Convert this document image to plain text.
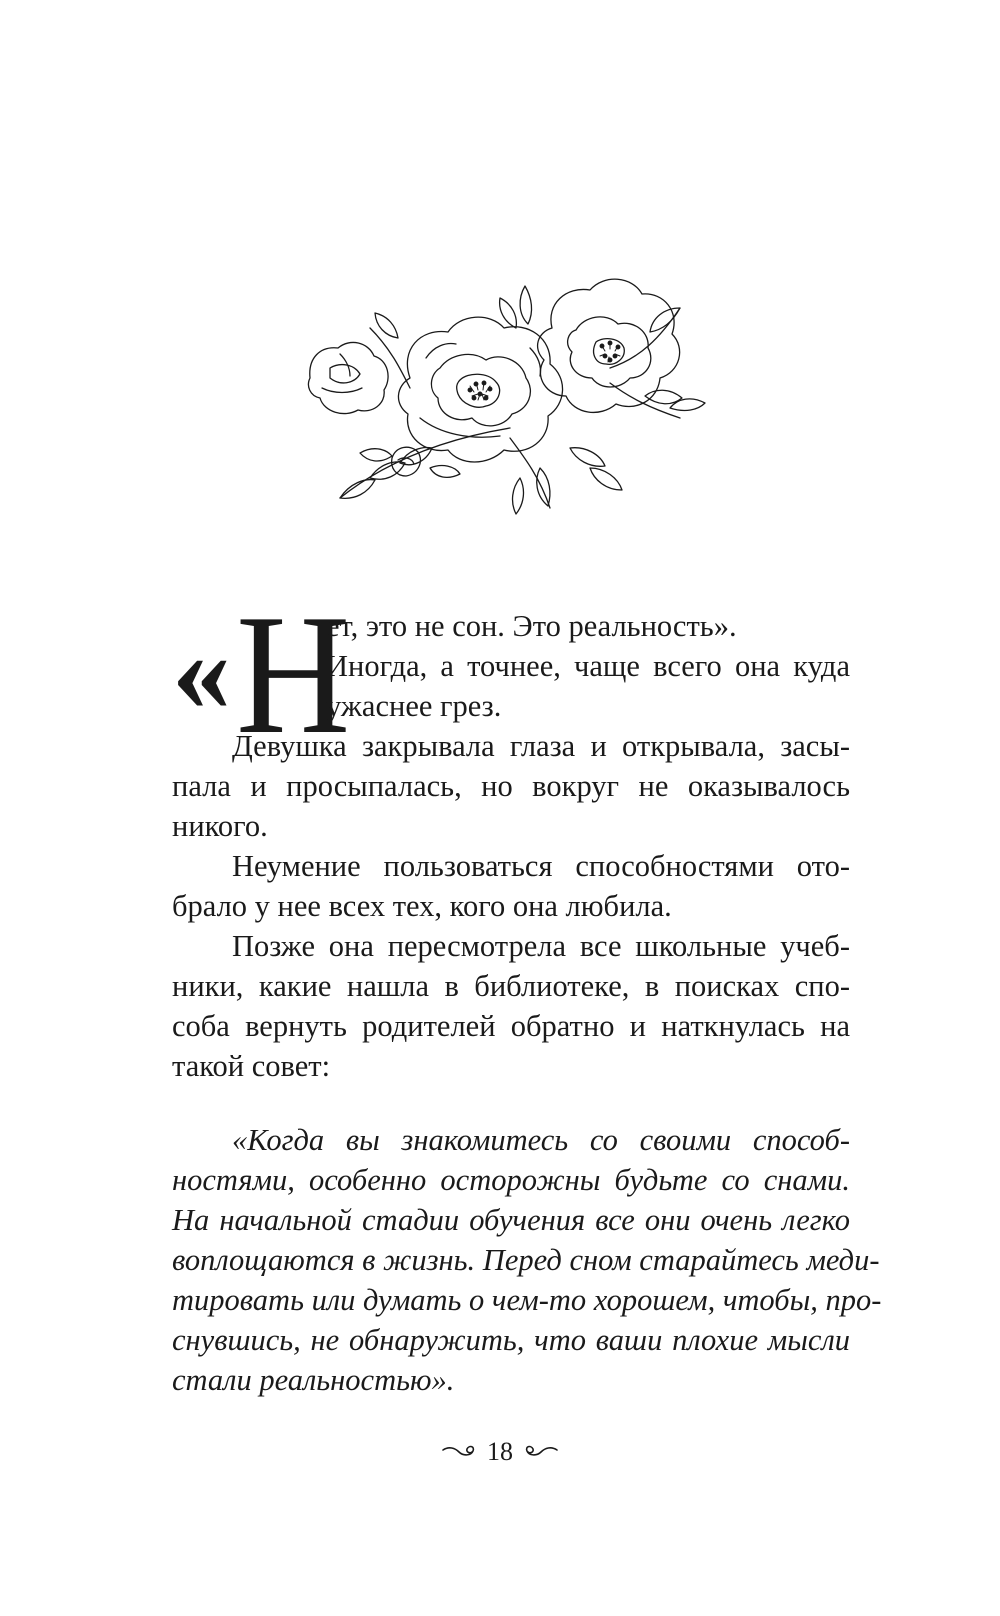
« Н
ет, это не сон. Это реальность».
Иногда, а точнее, чаще всего она куда
ужаснее грез.
Девушка закрывала глаза и открывала, засы-
пала и просыпалась, но вокруг не оказывалось
никого.
Неумение пользоваться способностями ото-
брало у нее всех тех, кого она любила.
Позже она пересмотрела все школьные учеб-
ники, какие нашла в библиотеке, в поисках спо-
соба вернуть родителей обратно и наткнулась на
такой совет:
«Когда вы знакомитесь со своими способ-
ностями, особенно осторожны будьте со снами.
На начальной стадии обучения все они очень легко
воплощаются в жизнь. Перед сном старайтесь меди-
тировать или думать о чем-то хорошем, чтобы, про-
снувшись, не обнаружить, что ваши плохие мысли
стали реальностью».
18
